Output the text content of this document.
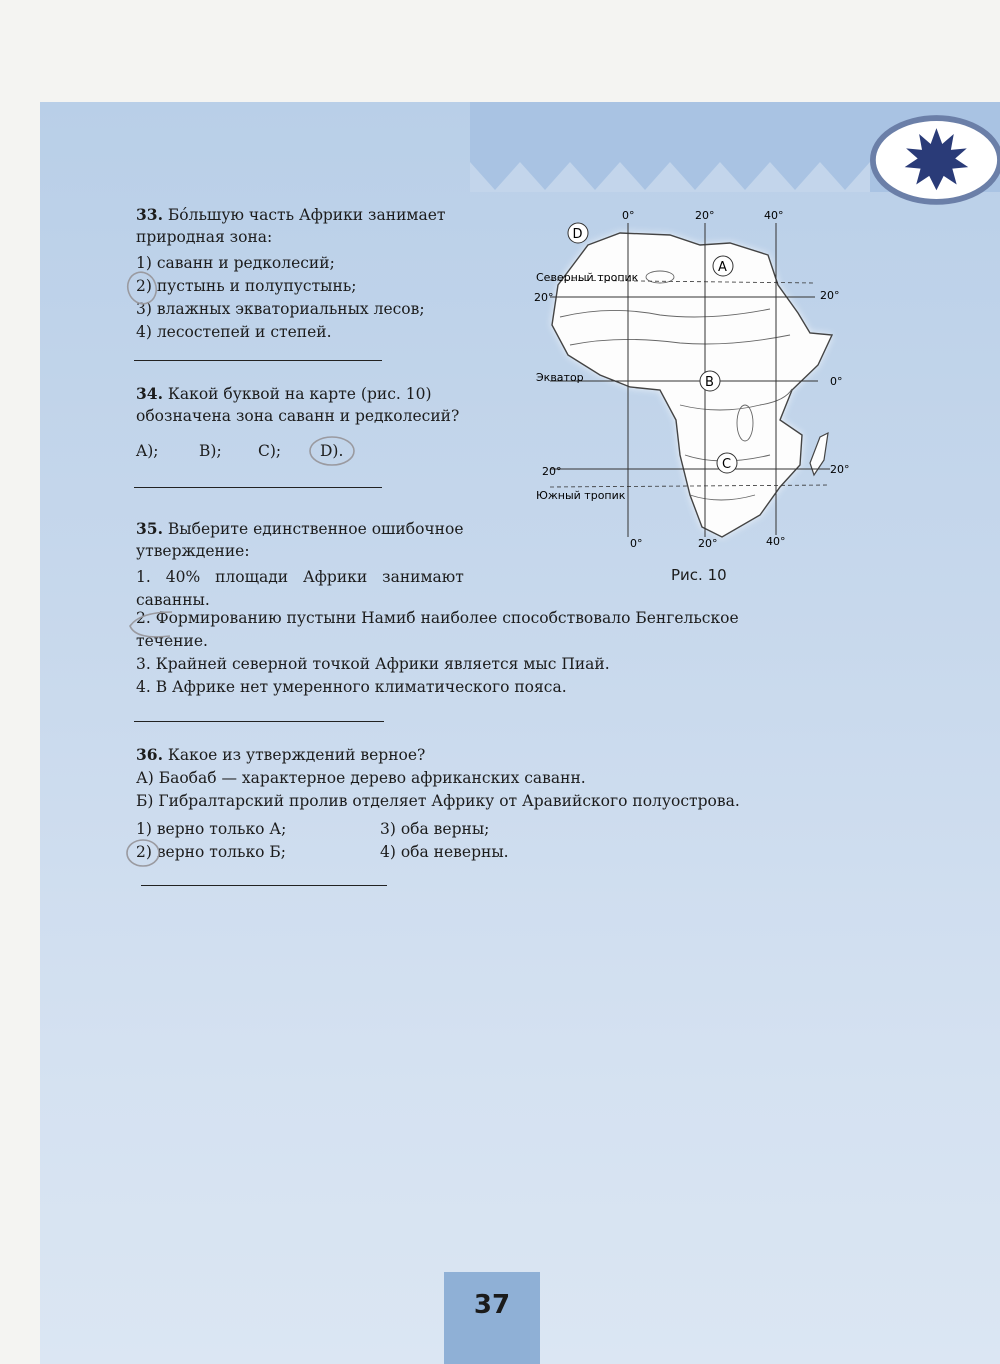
33. Бо́льшую часть Африки занимает
природная зона:
1) саванн и редколесий;
2) пустынь и полупустынь;
3) влажных экваториальных лесов;
4) лесостепей и степей.
34. Какой буквой на карте (рис. 10)
обозначена зона саванн и редколесий?
A);	B); C);	D).
35. Выберите единственное ошибочное
утверждение:
1. 40% площади Африки занимают
саванны.
2. Формированию пустыни Намиб наиболее способствовало Бенгельское
течение.
3. Крайней северной точкой Африки является мыс Пиай.
4. В Африке нет умеренного климатического пояса.
36. Какое из утверждений верное?
А) Баобаб — характерное дерево африканских саванн.
Б) Гибралтарский пролив отделяет Африку от Аравийского полуострова.
1) верно только А;
2) верно только Б;
3) оба верны;
4) оба неверны.
0°	20°	40°
0°	20°	40°
Северный тропик
20°	20°
Экватор	0°
20°	20°
Южный тропик
D
A
B
C
Рис. 10
37
